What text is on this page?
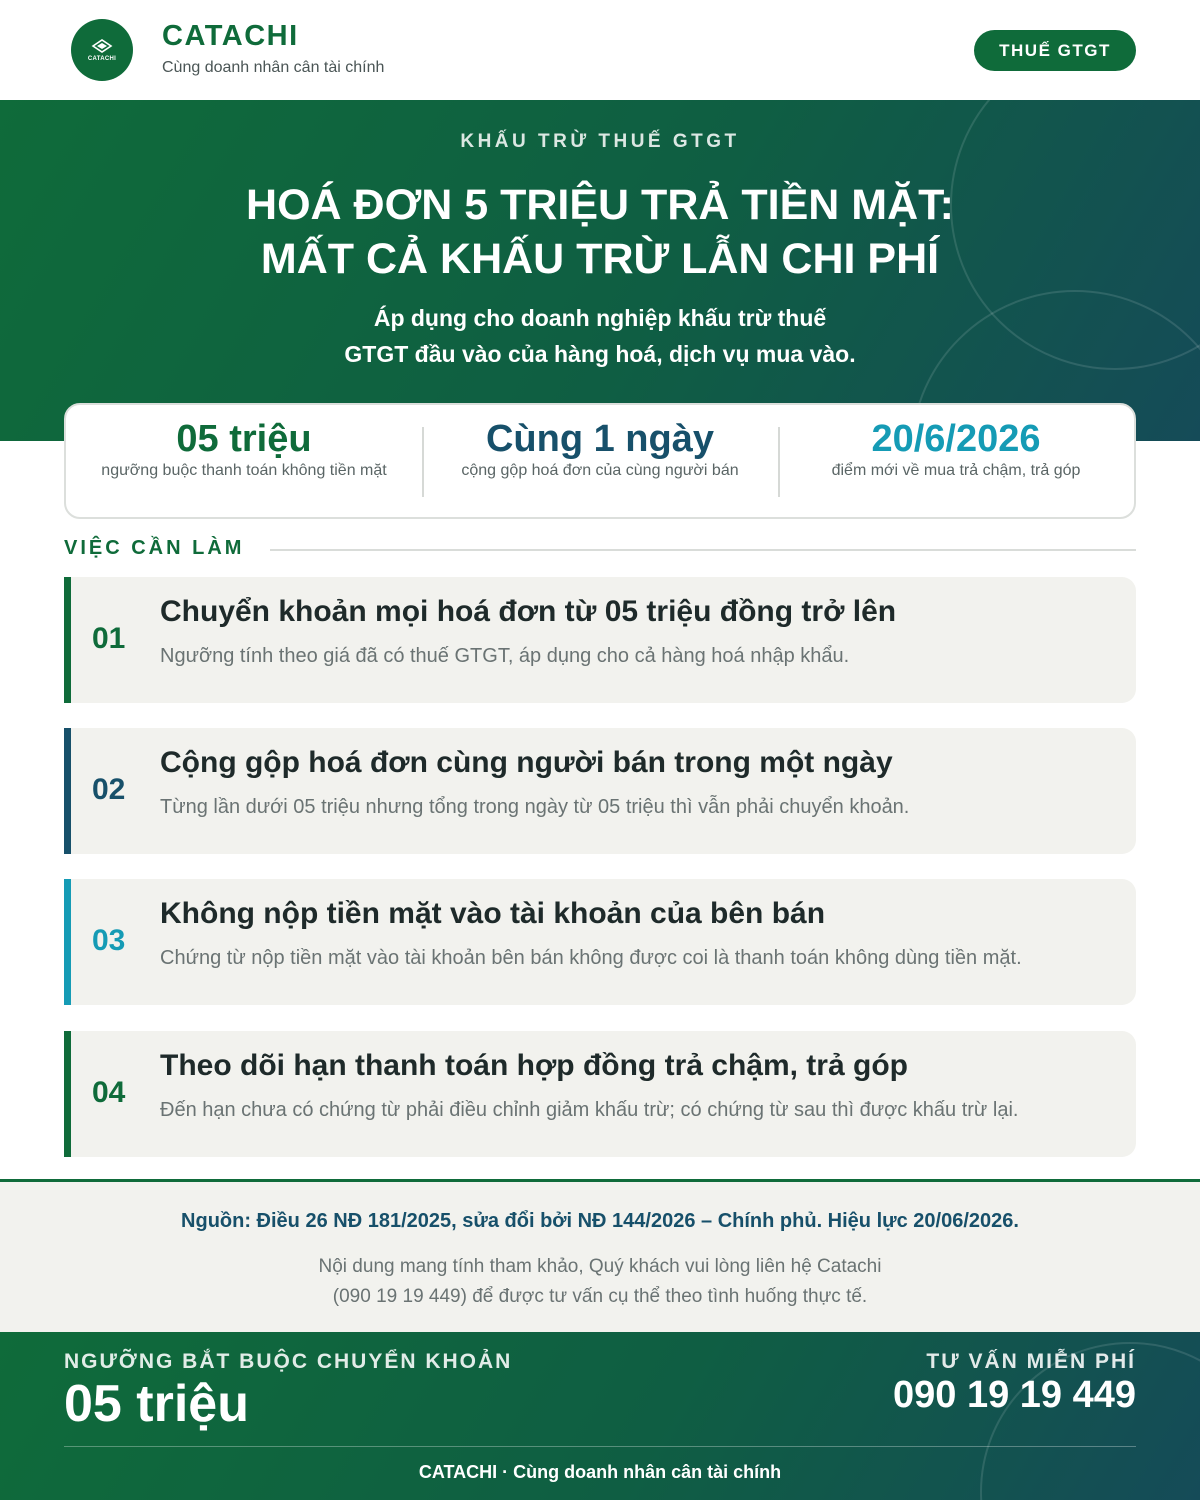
CATACHI
CATACHI
Cùng doanh nhân cân tài chính
THUẾ GTGT
KHẤU TRỪ THUẾ GTGT
HOÁ ĐƠN 5 TRIỆU TRẢ TIỀN MẶT:
MẤT CẢ KHẤU TRỪ LẪN CHI PHÍ
Áp dụng cho doanh nghiệp khấu trừ thuế
GTGT đầu vào của hàng hoá, dịch vụ mua vào.
05 triệu
ngưỡng buộc thanh toán không tiền mặt
Cùng 1 ngày
cộng gộp hoá đơn của cùng người bán
20/6/2026
điểm mới về mua trả chậm, trả góp
VIỆC CẦN LÀM
01
Chuyển khoản mọi hoá đơn từ 05 triệu đồng trở lên
Ngưỡng tính theo giá đã có thuế GTGT, áp dụng cho cả hàng hoá nhập khẩu.
02
Cộng gộp hoá đơn cùng người bán trong một ngày
Từng lần dưới 05 triệu nhưng tổng trong ngày từ 05 triệu thì vẫn phải chuyển khoản.
03
Không nộp tiền mặt vào tài khoản của bên bán
Chứng từ nộp tiền mặt vào tài khoản bên bán không được coi là thanh toán không dùng tiền mặt.
04
Theo dõi hạn thanh toán hợp đồng trả chậm, trả góp
Đến hạn chưa có chứng từ phải điều chỉnh giảm khấu trừ; có chứng từ sau thì được khấu trừ lại.
Nguồn: Điều 26 NĐ 181/2025, sửa đổi bởi NĐ 144/2026 – Chính phủ. Hiệu lực 20/06/2026.
Nội dung mang tính tham khảo, Quý khách vui lòng liên hệ Catachi
(090 19 19 449) để được tư vấn cụ thể theo tình huống thực tế.
NGƯỠNG BẮT BUỘC CHUYỂN KHOẢN
05 triệu
TƯ VẤN MIỄN PHÍ
090 19 19 449
CATACHI · Cùng doanh nhân cân tài chính
